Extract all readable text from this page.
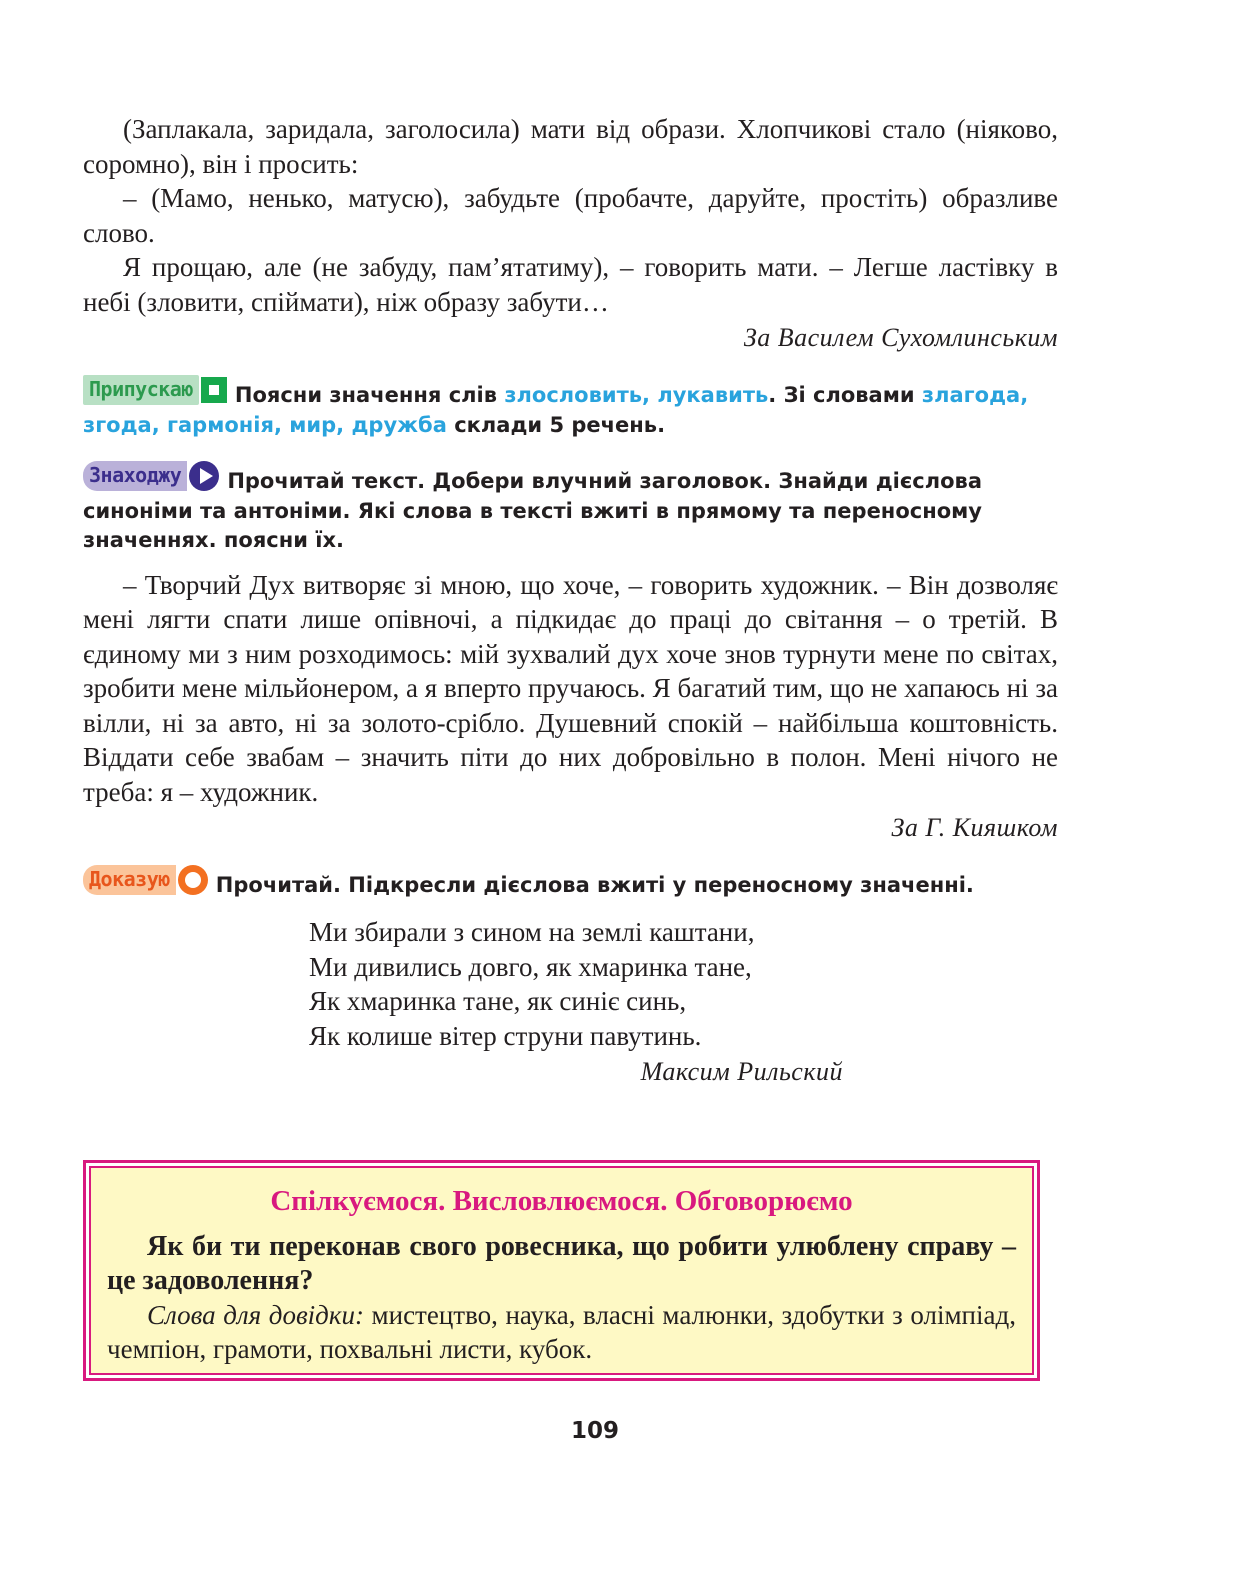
(Заплакала, заридала, заголосила) мати від образи. Хлопчикові стало (ніяково, соромно), він і просить:

– (Мамо, ненько, матусю), забудьте (пробачте, даруйте, простіть) образливе слово.

Я прощаю, але (не забуду, пам’ятатиму), – говорить мати. – Легше ластівку в небі (зловити, спіймати), ніж образу забути…

За Василем Сухомлинським

Припускаю Поясни значення слів злословить, лукавить. Зі словами злагода, згода, гармонія, мир, дружба склади 5 речень.

Знаходжу Прочитай текст. Добери влучний заголовок. Знайди дієслова синоніми та антоніми. Які слова в тексті вжиті в прямому та переносному значеннях. поясни їх.

– Творчий Дух витворяє зі мною, що хоче, – говорить художник. – Він дозволяє мені лягти спати лише опівночі, а підкидає до праці до світання – о третій. В єдиному ми з ним розходимось: мій зухвалий дух хоче знов турнути мене по світах, зробити мене мільйонером, а я вперто пручаюсь. Я багатий тим, що не хапаюсь ні за вілли, ні за авто, ні за золото-срібло. Душевний спокій – найбільша коштовність. Віддати себе звабам – значить піти до них добровільно в полон. Мені нічого не треба: я – художник.

За Г. Кияшком

Доказую Прочитай. Підкресли дієслова вжиті у переносному значенні.

Ми збирали з сином на землі каштани,
Ми дивились довго, як хмаринка тане,
Як хмаринка тане, як синіє синь,
Як колише вітер струни павутинь.
Максим Рильский

Спілкуємося. Висловлюємося. Обговорюємо

Як би ти переконав свого ровесника, що робити улюблену справу – це задоволення?

Слова для довідки: мистецтво, наука, власні малюнки, здобутки з олімпіад, чемпіон, грамоти, похвальні листи, кубок.

109
